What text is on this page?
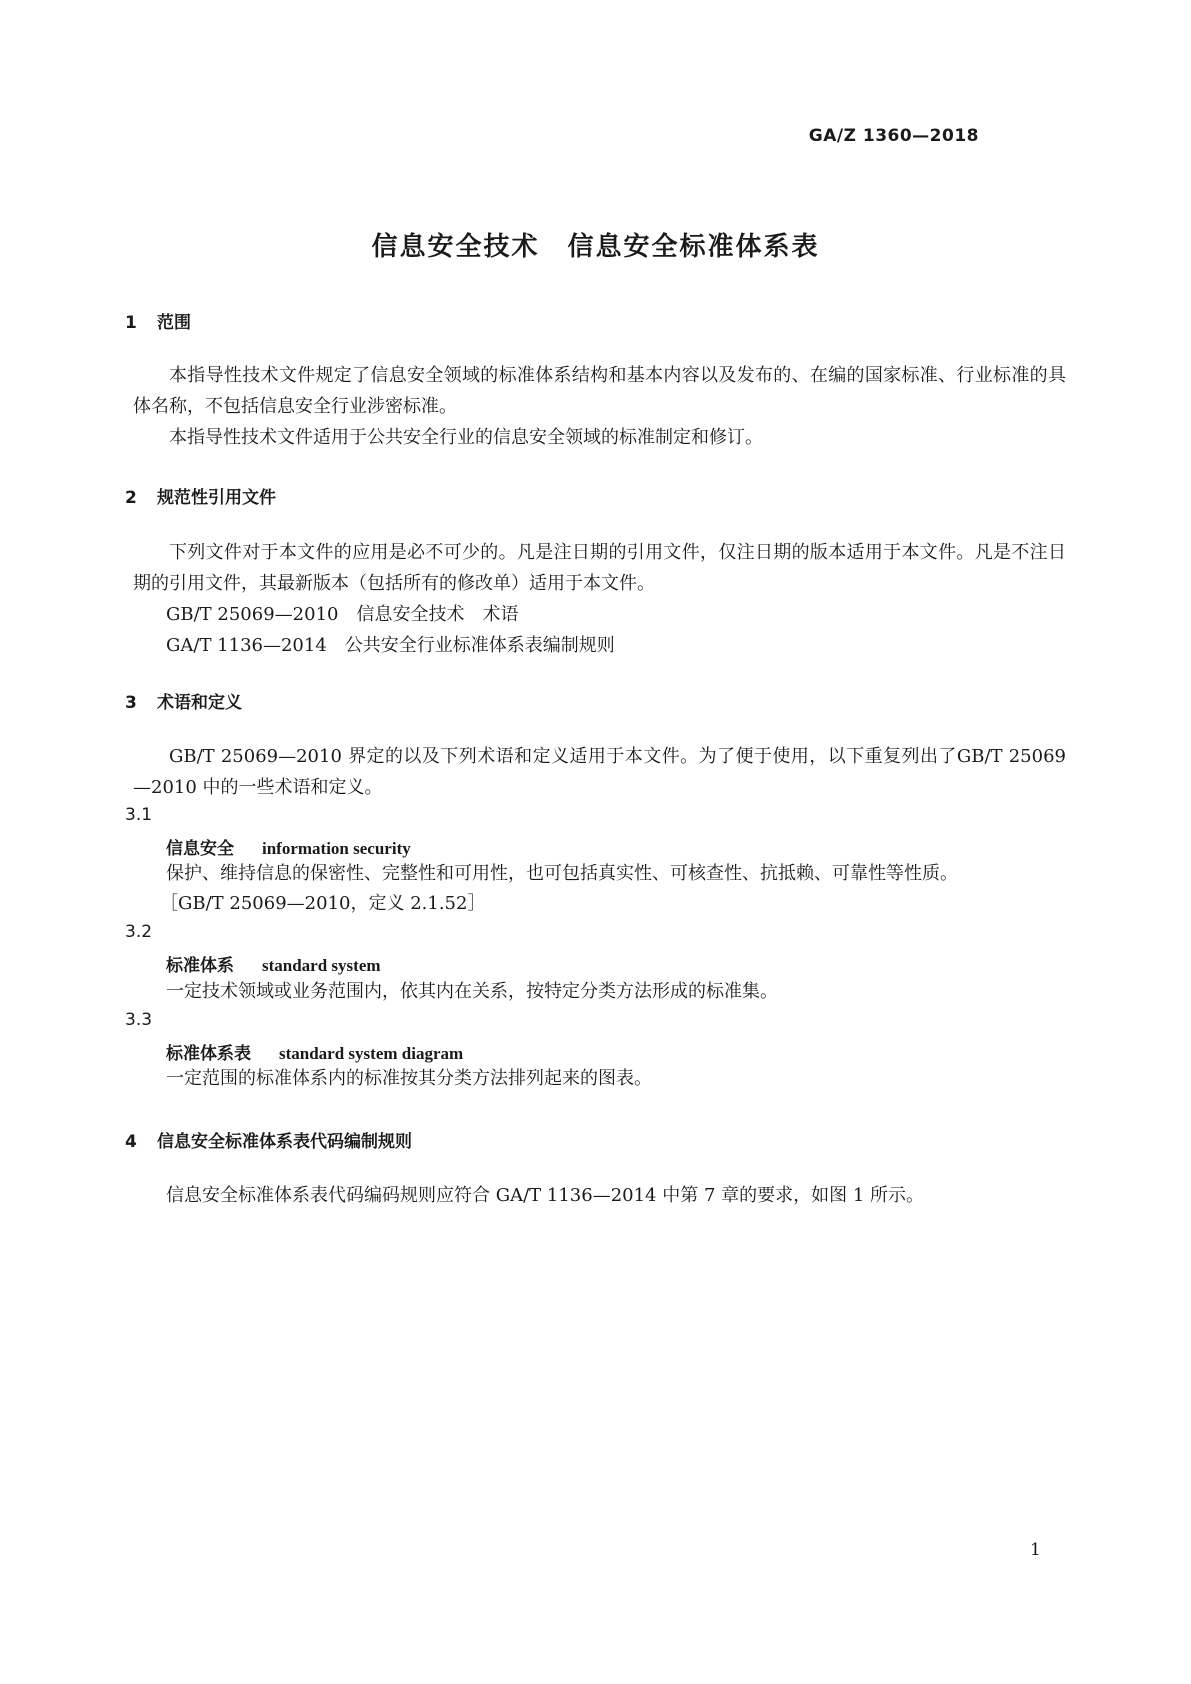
GA/Z 1360—2018
信息安全技术　信息安全标准体系表
1 范围
本指导性技术文件规定了信息安全领域的标准体系结构和基本内容以及发布的、在编的国家标准、行业标准的具体名称，不包括信息安全行业涉密标准。
本指导性技术文件适用于公共安全行业的信息安全领域的标准制定和修订。
2 规范性引用文件
下列文件对于本文件的应用是必不可少的。凡是注日期的引用文件，仅注日期的版本适用于本文件。凡是不注日期的引用文件，其最新版本（包括所有的修改单）适用于本文件。
GB/T 25069—2010　信息安全技术　术语
GA/T 1136—2014　公共安全行业标准体系表编制规则
3 术语和定义
GB/T 25069—2010 界定的以及下列术语和定义适用于本文件。为了便于使用，以下重复列出了GB/T 25069—2010 中的一些术语和定义。
3.1
信息安全 information security
保护、维持信息的保密性、完整性和可用性，也可包括真实性、可核查性、抗抵赖、可靠性等性质。
［GB/T 25069—2010，定义 2.1.52］
3.2
标准体系 standard system
一定技术领域或业务范围内，依其内在关系，按特定分类方法形成的标准集。
3.3
标准体系表 standard system diagram
一定范围的标准体系内的标准按其分类方法排列起来的图表。
4 信息安全标准体系表代码编制规则
信息安全标准体系表代码编码规则应符合 GA/T 1136—2014 中第 7 章的要求，如图 1 所示。
1
